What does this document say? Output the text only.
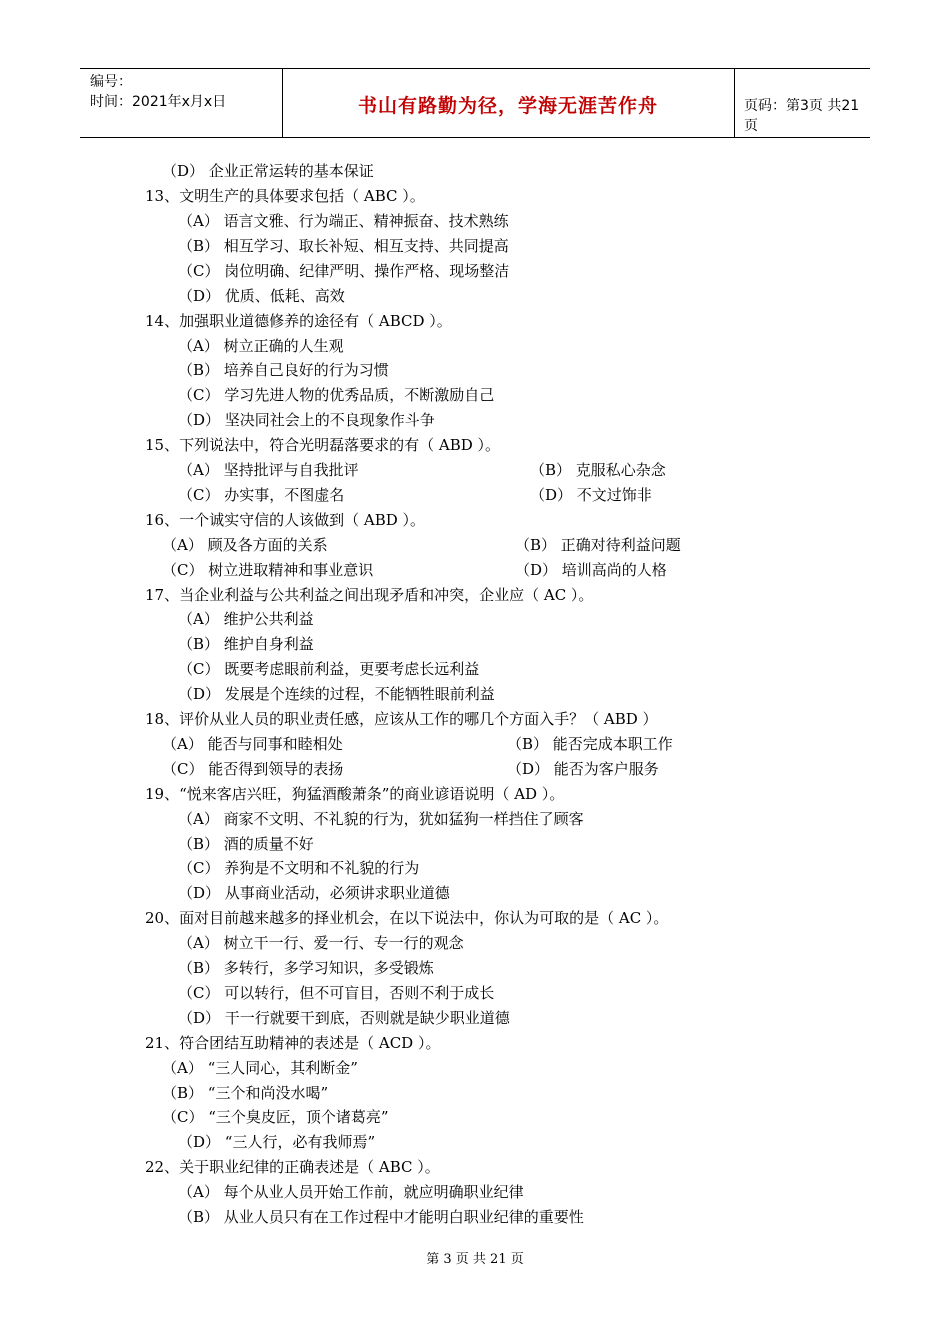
编号：
时间：2021年x月x日	书山有路勤为径，学海无涯苦作舟	页码：第3页 共21页
（D） 企业正常运转的基本保证
13、文明生产的具体要求包括（ ABC ）。
（A） 语言文雅、行为端正、精神振奋、技术熟练
（B） 相互学习、取长补短、相互支持、共同提高
（C） 岗位明确、纪律严明、操作严格、现场整洁
（D） 优质、低耗、高效
14、加强职业道德修养的途径有（ ABCD ）。
（A） 树立正确的人生观
（B） 培养自己良好的行为习惯
（C） 学习先进人物的优秀品质，不断激励自己
（D） 坚决同社会上的不良现象作斗争
15、下列说法中，符合光明磊落要求的有（ ABD ）。
（A） 坚持批评与自我批评	（B） 克服私心杂念
（C） 办实事，不图虚名	（D） 不文过饰非
16、一个诚实守信的人该做到（ ABD ）。
（A） 顾及各方面的关系	（B） 正确对待利益问题
（C） 树立进取精神和事业意识	（D） 培训高尚的人格
17、当企业利益与公共利益之间出现矛盾和冲突，企业应（ AC ）。
（A） 维护公共利益
（B） 维护自身利益
（C） 既要考虑眼前利益，更要考虑长远利益
（D） 发展是个连续的过程，不能牺牲眼前利益
18、评价从业人员的职业责任感，应该从工作的哪几个方面入手？（ ABD ）
（A） 能否与同事和睦相处	（B） 能否完成本职工作
（C） 能否得到领导的表扬	（D） 能否为客户服务
19、“悦来客店兴旺，狗猛酒酸萧条”的商业谚语说明（ AD ）。
（A） 商家不文明、不礼貌的行为，犹如猛狗一样挡住了顾客
（B） 酒的质量不好
（C） 养狗是不文明和不礼貌的行为
（D） 从事商业活动，必须讲求职业道德
20、面对目前越来越多的择业机会，在以下说法中，你认为可取的是（ AC ）。
（A） 树立干一行、爱一行、专一行的观念
（B） 多转行，多学习知识，多受锻炼
（C） 可以转行，但不可盲目，否则不利于成长
（D） 干一行就要干到底，否则就是缺少职业道德
21、符合团结互助精神的表述是（ ACD ）。
（A） “三人同心，其利断金”
（B） “三个和尚没水喝”
（C） “三个臭皮匠，顶个诸葛亮”
（D） “三人行，必有我师焉”
22、关于职业纪律的正确表述是（ ABC ）。
（A） 每个从业人员开始工作前，就应明确职业纪律
（B） 从业人员只有在工作过程中才能明白职业纪律的重要性
第 3 页 共 21 页
